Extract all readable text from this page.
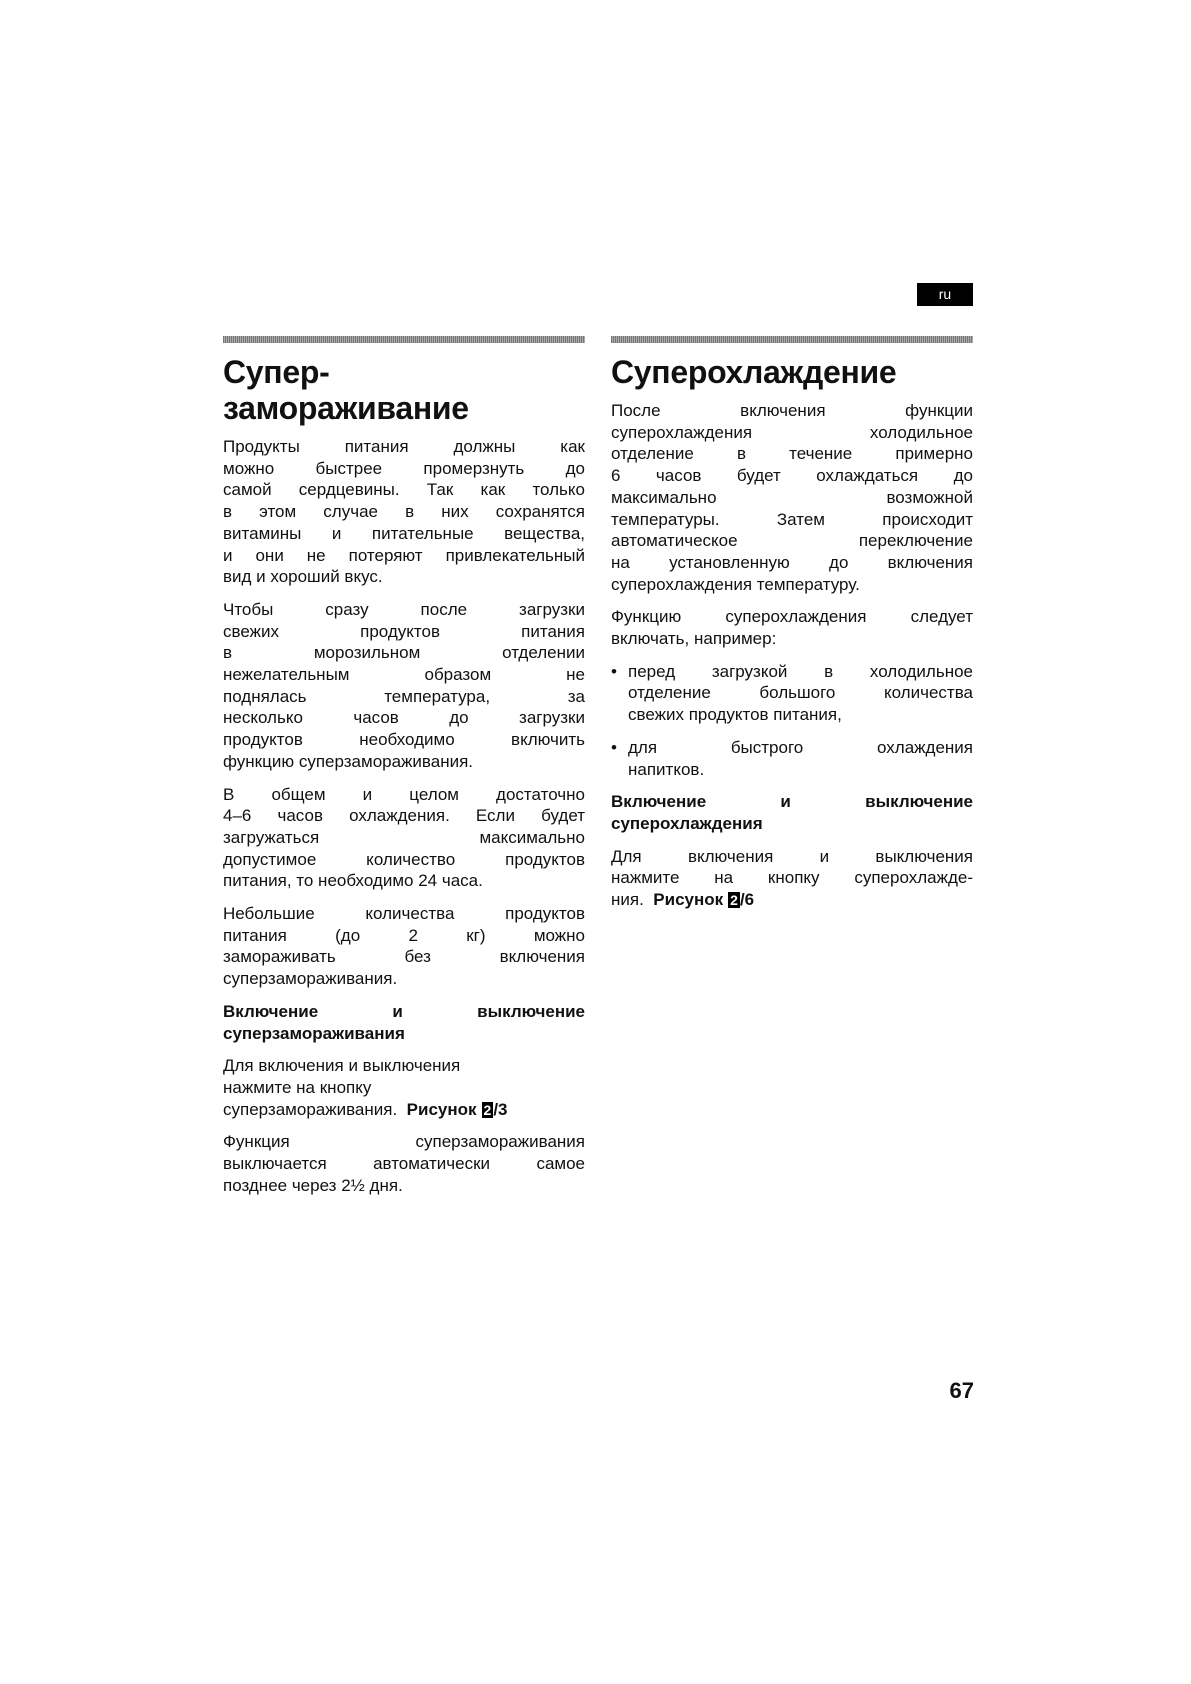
ru
Супер-
замораживание
Продукты питания должны как
можно быстрее промерзнуть до
самой сердцевины. Так как только
в этом случае в них сохранятся
витамины и питательные вещества,
и они не потеряют привлекательный
вид и хороший вкус.
Чтобы сразу после загрузки
свежих продуктов питания
в морозильном отделении
нежелательным образом не
поднялась температура, за
несколько часов до загрузки
продуктов необходимо включить
функцию суперзамораживания.
В общем и целом достаточно
4–6 часов охлаждения. Если будет
загружаться максимально
допустимое количество продуктов
питания, то необходимо 24 часа.
Небольшие количества продуктов
питания (до 2 кг) можно
замораживать без включения
суперзамораживания.
Включение и выключение
суперзамораживания
Для включения и выключения
нажмите на кнопку
суперзамораживания. Рисунок 2 /3
Функция суперзамораживания
выключается автоматически самое
позднее через 2½ дня.
Суперохлаждение
После включения функции
суперохлаждения холодильное
отделение в течение примерно
6 часов будет охлаждаться до
максимально возможной
температуры. Затем происходит
автоматическое переключение
на установленную до включения
суперохлаждения температуру.
Функцию суперохлаждения следует
включать, например:
• перед загрузкой в холодильное
отделение большого количества
свежих продуктов питания,
• для быстрого охлаждения
напитков.
Включение и выключение
суперохлаждения
Для включения и выключения
нажмите на кнопку суперохлажде-
ния. Рисунок 2 /6
67
